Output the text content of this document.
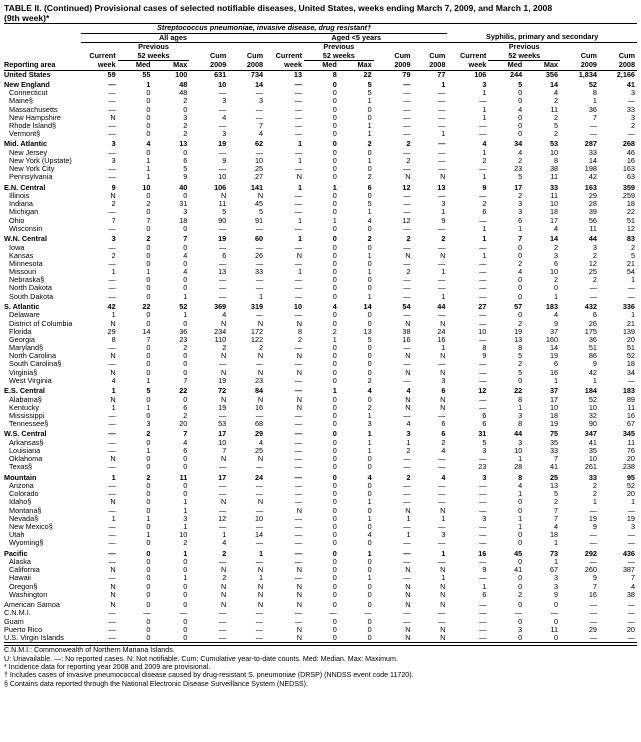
TABLE II. (Continued) Provisional cases of selected notifiable diseases, United States, weeks ending March 7, 2009, and March 1, 2008
(9th week)*
	Streptococcus pneumoniae, invasive disease, drug resistant†														
	All ages					Aged <5 years					Syphilis, primary and secondary				
		Previous					Previous					Previous			
	Current	52 weeks		Cum	Cum	Current	52 weeks		Cum	Cum	Current	52 weeks		Cum	Cum
Reporting area	week	Med	Max	2009	2008	week	Med	Max	2009	2008	week	Med	Max	2009	2008
United States	59	55	100	631	734	13	8	22	79	77	106	244	356	1,834	2,166
New England	—	1	48	10	14	—	0	5	—	1	3	5	14	52	41
Connecticut	—	0	48	—	—	—	0	5	—	—	1	0	4	8	3
Maine§	—	0	2	3	3	—	0	1	—	—	—	0	2	1	—
Massachusetts	—	0	0	—	—	—	0	0	—	—	1	4	11	36	33
New Hampshire	N	0	3	4	—	—	0	0	—	—	1	0	2	7	3
Rhode Island§	—	0	2	—	7	—	0	1	—	—	—	0	5	—	2
Vermont§	—	0	2	3	4	—	0	1	—	1	—	0	2	—	—
Mid. Atlantic	3	4	13	19	62	1	0	2	2	—	4	34	53	287	268
New Jersey	—	0	0	—	—	—	0	0	—	—	1	4	10	33	46
New York (Upstate)	3	1	6	9	10	1	0	1	2	—	2	2	8	14	16
New York City	—	1	5	—	25	—	0	0	—	—	—	23	38	198	163
Pennsylvania	—	1	9	10	27	N	0	2	N	N	1	5	11	42	63
E.N. Central	9	10	40	106	141	1	1	6	12	13	9	17	33	163	359
Illinois	N	0	0	N	N	—	0	0	—	—	—	2	11	29	259
Indiana	2	2	31	11	45	—	0	5	—	3	2	3	10	28	18
Michigan	—	0	3	5	5	—	0	1	—	1	6	3	18	39	22
Ohio	7	7	18	90	91	1	1	4	12	9	—	6	17	56	51
Wisconsin	—	0	0	—	—	—	0	0	—	—	1	1	4	11	12
W.N. Central	3	2	7	19	60	1	0	2	2	2	1	7	14	44	83
Iowa	—	0	0	—	—	—	0	0	—	—	—	0	2	3	2
Kansas	2	0	4	6	26	N	0	1	N	N	1	0	3	2	5
Minnesota	—	0	0	—	—	—	0	0	—	—	—	2	6	12	21
Missouri	1	1	4	13	33	1	0	1	2	1	—	4	10	25	54
Nebraska§	—	0	0	—	—	—	0	0	—	—	—	0	2	2	1
North Dakota	—	0	0	—	—	—	0	0	—	—	—	0	0	—	—
South Dakota	—	0	1	—	1	—	0	1	—	1	—	0	1	—	—
S. Atlantic	42	22	52	369	319	10	4	14	54	44	27	57	183	432	336
Delaware	1	0	1	4	—	—	0	0	—	—	—	0	4	6	1
District of Columbia	N	0	0	N	N	N	0	0	N	N	—	2	9	26	21
Florida	29	14	36	234	172	8	2	13	38	24	10	19	37	175	139
Georgia	8	7	23	110	122	2	1	5	16	16	—	13	160	36	20
Maryland§	—	0	2	2	2	—	0	0	—	1	8	8	14	51	51
North Carolina	N	0	0	N	N	N	0	0	N	N	9	5	19	86	52
South Carolina§	—	0	0	—	—	—	0	0	—	—	—	2	6	9	18
Virginia§	N	0	0	N	N	N	0	0	N	N	—	5	16	42	34
West Virginia	4	1	7	19	23	—	0	2	—	3	—	0	1	1	—
E.S. Central	1	5	22	72	84	—	1	4	4	6	12	22	37	184	183
Alabama§	N	0	0	N	N	N	0	0	N	N	—	8	17	52	89
Kentucky	1	1	6	19	16	N	0	2	N	N	—	1	10	10	11
Mississippi	—	0	2	—	—	—	0	1	—	—	6	3	18	32	16
Tennessee§	—	3	20	53	68	—	0	3	4	6	6	8	19	90	67
W.S. Central	—	2	7	17	29	—	0	1	3	6	31	44	75	347	345
Arkansas§	—	0	4	10	4	—	0	1	1	2	5	3	35	41	11
Louisiana	—	1	6	7	25	—	0	1	2	4	3	10	33	35	76
Oklahoma	N	0	0	N	N	—	0	0	—	—	—	1	7	10	20
Texas§	—	0	0	—	—	—	0	0	—	—	23	28	41	261	238
Mountain	1	2	11	17	24	—	0	4	2	4	3	8	25	33	95
Arizona	—	0	0	—	—	—	0	0	—	—	—	4	13	2	52
Colorado	—	0	0	—	—	—	0	0	—	—	—	1	5	2	20
Idaho§	N	0	1	N	N	—	0	1	—	—	—	0	2	1	1
Montana§	—	0	1	—	—	N	0	0	N	N	—	0	7	—	—
Nevada§	1	1	3	12	10	—	0	1	1	1	3	1	7	19	19
New Mexico§	—	0	1	—	—	—	0	0	—	—	—	1	4	9	3
Utah	—	1	10	1	14	—	0	4	1	3	—	0	18	—	—
Wyoming§	—	0	2	4	—	—	0	0	—	—	—	0	1	—	—
Pacific	—	0	1	2	1	—	0	1	—	1	16	45	73	292	436
Alaska	—	0	0	—	—	—	0	0	—	—	—	0	1	—	—
California	N	0	0	N	N	N	0	0	N	N	9	41	67	260	387
Hawaii	—	0	1	2	1	—	0	1	—	1	—	0	3	9	7
Oregon§	N	0	0	N	N	N	0	0	N	N	1	0	3	7	4
Washington	N	0	0	N	N	N	0	0	N	N	6	2	9	16	38
American Samoa	N	0	0	N	N	N	0	0	N	N	—	0	0	—	—
C.N.M.I.	—	—	—	—	—	—	—	—	—	—	—	—	—	—	—
Guam	—	0	0	—	—	—	0	0	—	—	—	0	0	—	—
Puerto Rico	—	0	0	—	—	N	0	0	N	N	—	3	11	29	20
U.S. Virgin Islands	—	0	0	—	—	N	0	0	N	N	—	0	0	—	—
C.N.M.I.: Commonwealth of Northern Mariana Islands.
U: Unavailable. —: No reported cases. N: Not notifiable. Cum: Cumulative year-to-date counts. Med: Median. Max: Maximum.
* Incidence data for reporting year 2008 and 2009 are provisional.
† Includes cases of invasive pneumococcal disease caused by drug-resistant S. pneumoniae (DRSP) (NNDSS event code 11720).
§ Contains data reported through the National Electronic Disease Surveillance System (NEDSS).
